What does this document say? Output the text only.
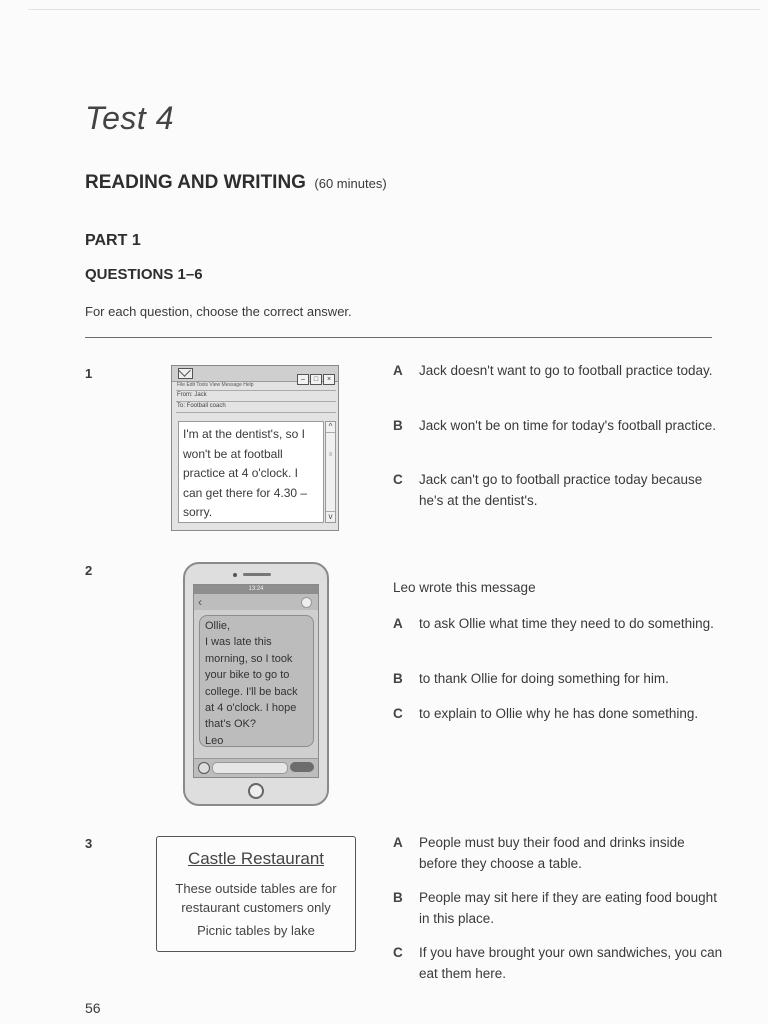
Test 4
READING AND WRITING (60 minutes)
PART 1
QUESTIONS 1–6
For each question, choose the correct answer.
1	– □ ×
File Edit Tools View Message Help
From: Jack
To: Football coach
I'm at the dentist's, so I won't be at football practice at 4 o'clock. I can get there for 4.30 – sorry.
^
≡
v
A Jack doesn't want to go to football practice today.
B Jack won't be on time for today's football practice.
C Jack can't go to football practice today because he's at the dentist's.
2
13:24
‹
Ollie,
I was late this morning, so I took your bike to go to college. I'll be back at 4 o'clock. I hope that's OK?
Leo
Leo wrote this message
A to ask Ollie what time they need to do something.
B to thank Ollie for doing something for him.
C to explain to Ollie why he has done something.
3
Castle Restaurant
These outside tables are for restaurant customers only
Picnic tables by lake
A People must buy their food and drinks inside before they choose a table.
B People may sit here if they are eating food bought in this place.
C If you have brought your own sandwiches, you can eat them here.
56
